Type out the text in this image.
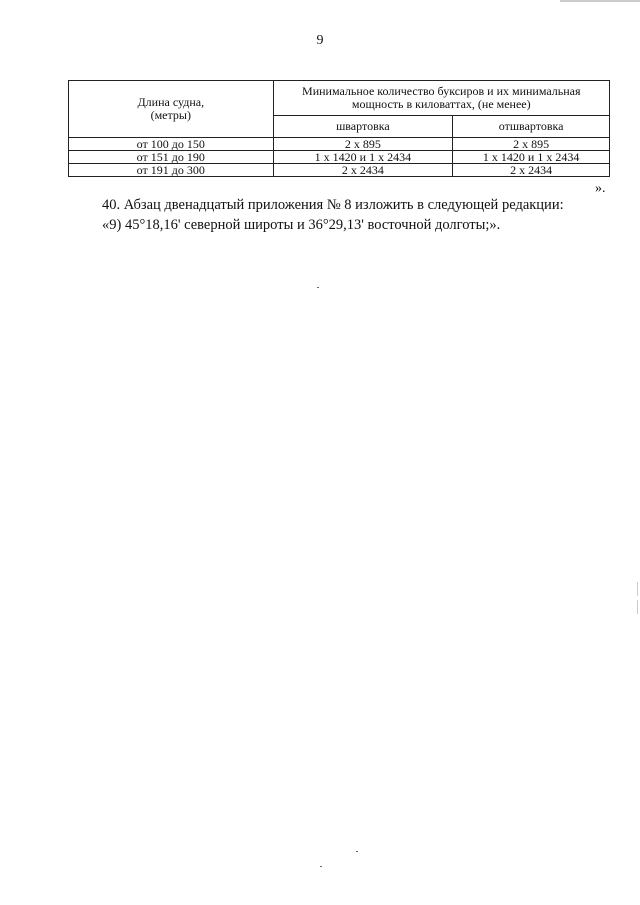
9
Длина судна,
(метры)	Минимальное количество буксиров и их минимальная
мощность в киловаттах, (не менее)	
	швартовка	отшвартовка
от 100 до 150	2 х 895	2 х 895
от 151 до 190	1 х 1420 и 1 х 2434	1 х 1420 и 1 х 2434
от 191 до 300	2 х 2434	2 х 2434
».
40. Абзац двенадцатый приложения № 8 изложить в следующей редакции:
«9) 45°18,16' северной широты и 36°29,13' восточной долготы;».
